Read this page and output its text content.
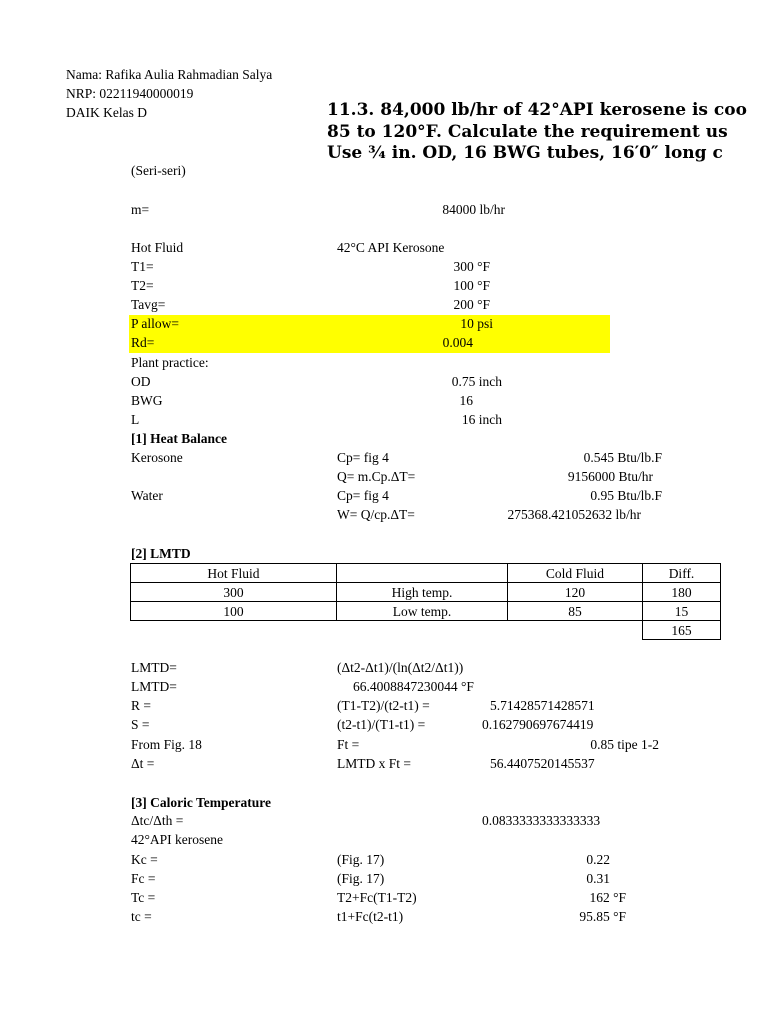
Nama: Rafika Aulia Rahmadian Salya
NRP: 02211940000019
DAIK Kelas D	11.3. 84,000 lb/hr of 42°API kerosene is coo
85 to 120°F. Calculate the requirement us
Use ¾ in. OD, 16 BWG tubes, 16′0″ long c
(Seri-seri)
m=	84000 lb/hr
Hot Fluid	42°C API Kerosone
T1=	300 °F
T2=	100 °F
Tavg=	200 °F
P allow=	10 psi
Rd=	0.004
Plant practice:
OD	0.75 inch
BWG	16
L	16 inch
[1] Heat Balance
Kerosone	Cp= fig 4	0.545 Btu/lb.F
Q= m.Cp.ΔT=	9156000 Btu/hr
Water	Cp= fig 4	0.95 Btu/lb.F
W= Q/cp.ΔT=	275368.421052632 lb/hr
[2] LMTD
Hot Fluid		Cold Fluid	Diff.
300	High temp.	120	180
100	Low temp.	85	15
			165
LMTD=	(Δt2-Δt1)/(ln(Δt2/Δt1))
LMTD=	66.4008847230044 °F
R =	(T1-T2)/(t2-t1) =	5.71428571428571
S =	(t2-t1)/(T1-t1) =	0.162790697674419
From Fig. 18	Ft =	0.85 tipe 1-2
Δt =	LMTD x Ft =	56.4407520145537
[3] Caloric Temperature
Δtc/Δth =	0.0833333333333333
42°API kerosene
Kc =	(Fig. 17)	0.22
Fc =	(Fig. 17)	0.31
Tc =	T2+Fc(T1-T2)	162 °F
tc =	t1+Fc(t2-t1)	95.85 °F
